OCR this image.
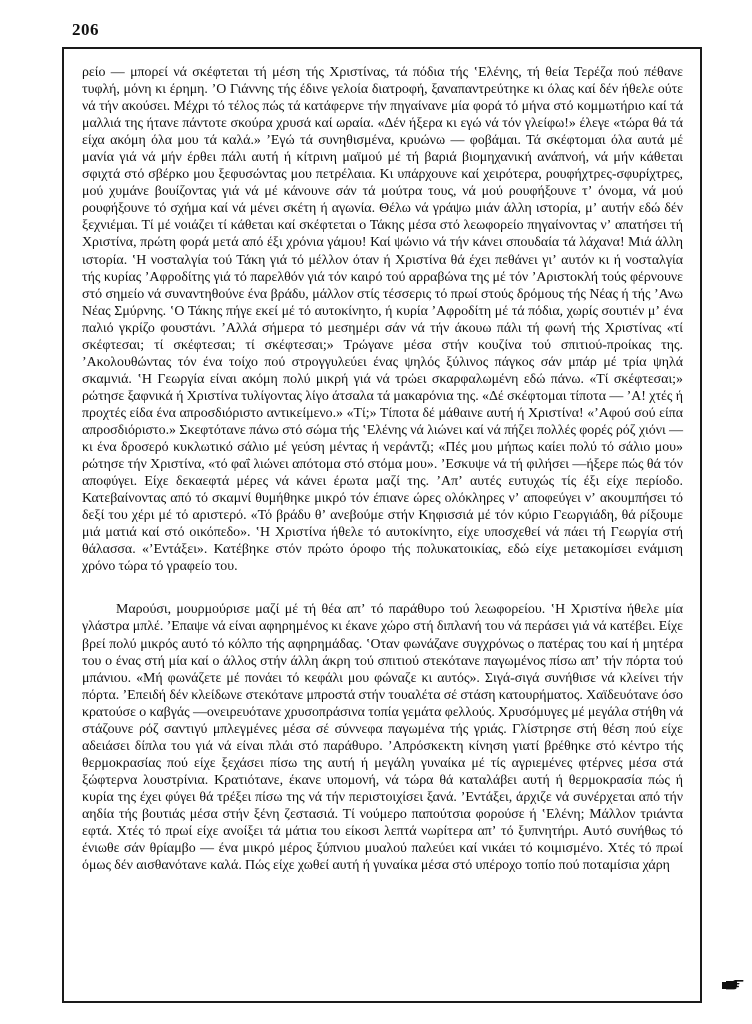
206

ρείο — μπορεί νά σκέφτεται τή μέση τής Χριστίνας, τά πόδια τής ʽΕλένης, τή θεία Τερέζα πού πέθανε τυφλή, μόνη κι έρημη. ʼΟ Γιάννης τής έδινε γελοία διατροφή, ξαναπαντρεύτηκε κι όλας καί δέν ήθελε ούτε νά τήν ακούσει. Μέχρι τό τέλος πώς τά κατάφερνε τήν πηγαίνανε μία φορά τό μήνα στό κομμωτήριο καί τά μαλλιά της ήτανε πάντοτε σκούρα χρυσά καί ωραία. «Δέν ήξερα κι εγώ νά τόν γλείφω!» έλεγε «τώρα θά τά είχα ακόμη όλα μου τά καλά.» ʼΕγώ τά συνηθισμένα, κρυώνω — φοβάμαι. Τά σκέφτομαι όλα αυτά μέ μανία γιά νά μήν έρθει πάλι αυτή ή κίτρινη μαϊμού μέ τή βαριά βιομηχανική ανάπνοή, νά μήν κάθεται σφιχτά στό σβέρκο μου ξεφυσώντας μου πετρέλαια. Κι υπάρχουνε καί χειρότερα, ρουφήχτρες-σφυρίχτρες, μού χυμάνε βουίζοντας γιά νά μέ κάνουνε σάν τά μούτρα τους, νά μού ρουφήξουνε τʼ όνομα, νά μού ρουφήξουνε τό σχήμα καί νά μένει σκέτη ή αγωνία. Θέλω νά γράψω μιάν άλλη ιστορία, μʼ αυτήν εδώ δέν ξεχνιέμαι. Τί μέ νοιάζει τί κάθεται καί σκέφτεται ο Τάκης μέσα στό λεωφορείο πηγαίνοντας νʼ απατήσει τή Χριστίνα, πρώτη φορά μετά από έξι χρόνια γάμου! Καί ψώνιο νά τήν κάνει σπουδαία τά λάχανα! Μιά άλλη ιστορία. ʽΗ νοσταλγία τού Τάκη γιά τό μέλλον όταν ή Χριστίνα θά έχει πεθάνει γιʼ αυτόν κι ή νοσταλγία τής κυρίας ʼΑφροδίτης γιά τό παρελθόν γιά τόν καιρό τού αρραβώνα της μέ τόν ʼΑριστοκλή τούς φέρνουνε στό σημείο νά συναντηθούνε ένα βράδυ, μάλλον στίς τέσσερις τό πρωί στούς δρόμους τής Νέας ή τής ʼΑνω Νέας Σμύρνης. ʽΟ Τάκης πήγε εκεί μέ τό αυτοκίνητο, ή κυρία ʼΑφροδίτη μέ τά πόδια, χωρίς σουτιέν μʼ ένα παλιό γκρίζο φουστάνι. ʼΑλλά σήμερα τό μεσημέρι σάν νά τήν άκουω πάλι τή φωνή τής Χριστίνας «τί σκέφτεσαι; τί σκέφτεσαι; τί σκέφτεσαι;» Τρώγανε μέσα στήν κουζίνα τού σπιτιού-προίκας της. ʼΑκολουθώντας τόν ένα τοίχο πού στρογγυλεύει ένας ψηλός ξύλινος πάγκος σάν μπάρ μέ τρία ψηλά σκαμνιά. ʽΗ Γεωργία είναι ακόμη πολύ μικρή γιά νά τρώει σκαρφαλωμένη εδώ πάνω. «Τί σκέφτεσαι;» ρώτησε ξαφνικά ή Χριστίνα τυλίγοντας λίγο άτσαλα τά μακαρόνια της. «Δέ σκέφτομαι τίποτα — ʼΑ! χτές ή προχτές είδα ένα απροσδιόριστο αντικείμενο.» «Τί;» Τίποτα δέ μάθαινε αυτή ή Χριστίνα! «ʼΑφού σού είπα απροσδιόριστο.» Σκεφτότανε πάνω στό σώμα τής ʽΕλένης νά λιώνει καί νά πήζει πολλές φορές ρόζ χιόνι — κι ένα δροσερό κυκλωτικό σάλιο μέ γεύση μέντας ή νεράντζι; «Πές μου μήπως καίει πολύ τό σάλιο μου» ρώτησε τήν Χριστίνα, «τό φαΐ λιώνει απότομα στό στόμα μου». ʼΕσκυψε νά τή φιλήσει —ήξερε πώς θά τόν αποφύγει. Είχε δεκαεφτά μέρες νά κάνει έρωτα μαζί της. ʼΑπʼ αυτές ευτυχώς τίς έξι είχε περίοδο. Κατεβαίνοντας από τό σκαμνί θυμήθηκε μικρό τόν έπιανε ώρες ολόκληρες νʼ αποφεύγει νʼ ακουμπήσει τό δεξί του χέρι μέ τό αριστερό. «Τό βράδυ θʼ ανεβούμε στήν Κηφισσιά μέ τόν κύριο Γεωργιάδη, θά ρίξουμε μιά ματιά καί στό οικόπεδο». ʽΗ Χριστίνα ήθελε τό αυτοκίνητο, είχε υποσχεθεί νά πάει τή Γεωργία στή θάλασσα. «ʼΕντάξει». Κατέβηκε στόν πρώτο όροφο τής πολυκατοικίας, εδώ είχε μετακομίσει ενάμιση χρόνο τώρα τό γραφείο του.

Μαρούσι, μουρμούρισε μαζί μέ τή θέα απʼ τό παράθυρο τού λεωφορείου. ʽΗ Χριστίνα ήθελε μία γλάστρα μπλέ. ʼΕπαψε νά είναι αφηρημένος κι έκανε χώρο στή διπλανή του νά περάσει γιά νά κατέβει. Είχε βρεί πολύ μικρός αυτό τό κόλπο τής αφηρημάδας. ʽΟταν φωνάζανε συγχρόνως ο πατέρας του καί ή μητέρα του ο ένας στή μία καί ο άλλος στήν άλλη άκρη τού σπιτιού στεκότανε παγωμένος πίσω απʼ τήν πόρτα τού μπάνιου. «Μή φωνάζετε μέ πονάει τό κεφάλι μου φώναζε κι αυτός». Σιγά-σιγά συνήθισε νά κλείνει τήν πόρτα. ʼΕπειδή δέν κλείδωνε στεκότανε μπροστά στήν τουαλέτα σέ στάση κατουρήματος. Χαϊδευότανε όσο κρατούσε ο καβγάς —ονειρευότανε χρυσοπράσινα τοπία γεμάτα φελλούς. Χρυσόμυγες μέ μεγάλα στήθη νά στάζουνε ρόζ σαντιγύ μπλεγμένες μέσα σέ σύννεφα παγωμένα τής γριάς. Γλίστρησε στή θέση πού είχε αδειάσει δίπλα του γιά νά είναι πλάι στό παράθυρο. ʼΑπρόσκεκτη κίνηση γιατί βρέθηκε στό κέντρο τής θερμοκρασίας πού είχε ξεχάσει πίσω της αυτή ή μεγάλη γυναίκα μέ τίς αγριεμένες φτέρνες μέσα στά ξώφτερνα λουστρίνια. Κρατιότανε, έκανε υπομονή, νά τώρα θά καταλάβει αυτή ή θερμοκρασία πώς ή κυρία της έχει φύγει θά τρέξει πίσω της νά τήν περιστοιχίσει ξανά. ʼΕντάξει, άρχιζε νά συνέρχεται από τήν αηδία τής βουτιάς μέσα στήν ξένη ζεστασιά. Τί νούμερο παπούτσια φορούσε ή ʽΕλένη; Μάλλον τριάντα εφτά. Χτές τό πρωί είχε ανοίξει τά μάτια του είκοσι λεπτά νωρίτερα απʼ τό ξυπνητήρι. Αυτό συνήθως τό ένιωθε σάν θρίαμβο — ένα μικρό μέρος ξύπνιου μυαλού παλεύει καί νικάει τό κοιμισμένο. Χτές τό πρωί όμως δέν αισθανότανε καλά. Πώς είχε χωθεί αυτή ή γυναίκα μέσα στό υπέροχο τοπίο πού ποταμίσια χάρη
